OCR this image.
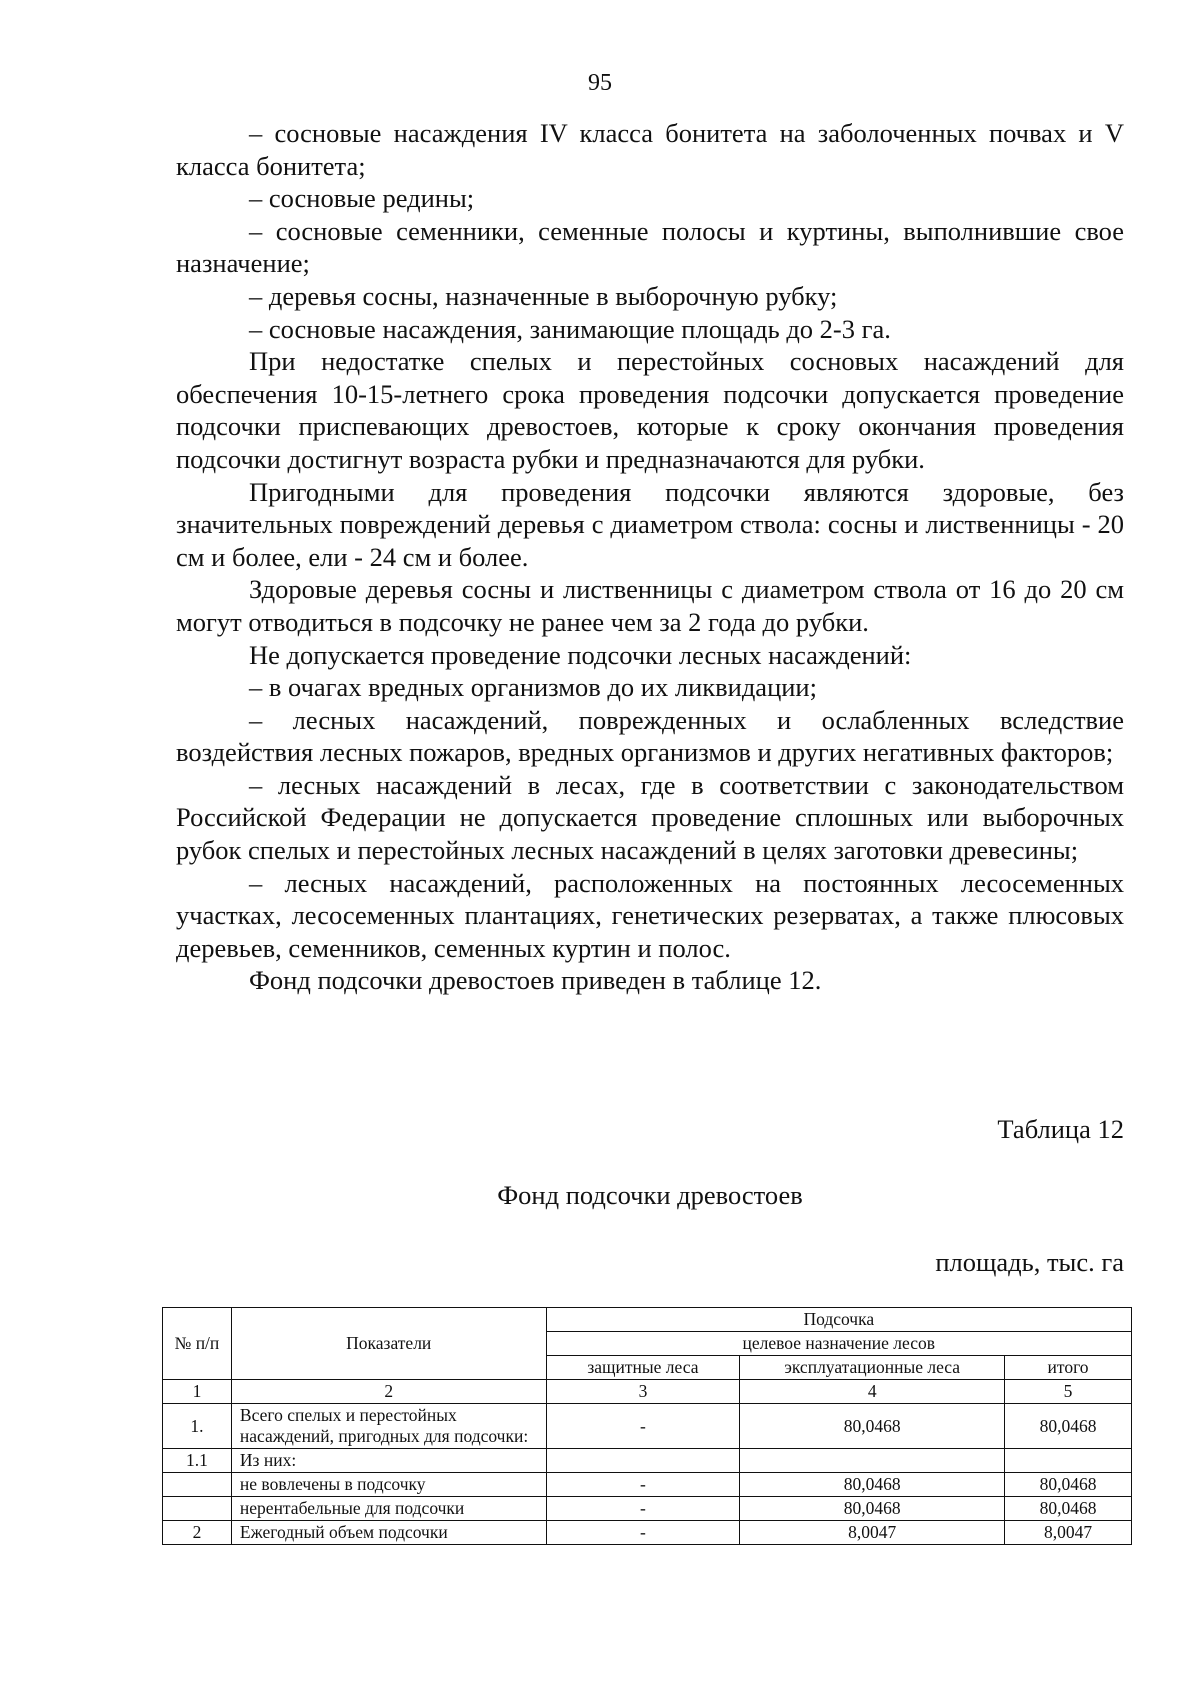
95

– сосновые насаждения IV класса бонитета на заболоченных почвах и V класса бонитета;

– сосновые редины;

– сосновые семенники, семенные полосы и куртины, выполнившие свое назначение;

– деревья сосны, назначенные в выборочную рубку;

– сосновые насаждения, занимающие площадь до 2-3 га.

При недостатке спелых и перестойных сосновых насаждений для обеспечения 10-15-летнего срока проведения подсочки допускается проведение подсочки приспевающих древостоев, которые к сроку окончания проведения подсочки достигнут возраста рубки и предназначаются для рубки.

Пригодными для проведения подсочки являются здоровые, без значительных повреждений деревья с диаметром ствола: сосны и лиственницы - 20 см и более, ели - 24 см и более.

Здоровые деревья сосны и лиственницы с диаметром ствола от 16 до 20 см могут отводиться в подсочку не ранее чем за 2 года до рубки.

Не допускается проведение подсочки лесных насаждений:

– в очагах вредных организмов до их ликвидации;

– лесных насаждений, поврежденных и ослабленных вследствие воздействия лесных пожаров, вредных организмов и других негативных факторов;

– лесных насаждений в лесах, где в соответствии с законодательством Российской Федерации не допускается проведение сплошных или выборочных рубок спелых и перестойных лесных насаждений в целях заготовки древесины;

– лесных насаждений, расположенных на постоянных лесосеменных участках, лесосеменных плантациях, генетических резерватах, а также плюсовых деревьев, семенников, семенных куртин и полос.

Фонд подсочки древостоев приведен в таблице 12.

Таблица 12
Фонд подсочки древостоев
площадь, тыс. га
№ п/п	Показатели	Подсочка		
		целевое назначение лесов		
		защитные леса	эксплуатационные леса	итого
1	2	3	4	5
1.	Всего спелых и перестойных насаждений, пригодных для подсочки:	-	80,0468	80,0468
1.1	Из них:			
	не вовлечены в подсочку	-	80,0468	80,0468
	нерентабельные для подсочки	-	80,0468	80,0468
2	Ежегодный объем подсочки	-	8,0047	8,0047
